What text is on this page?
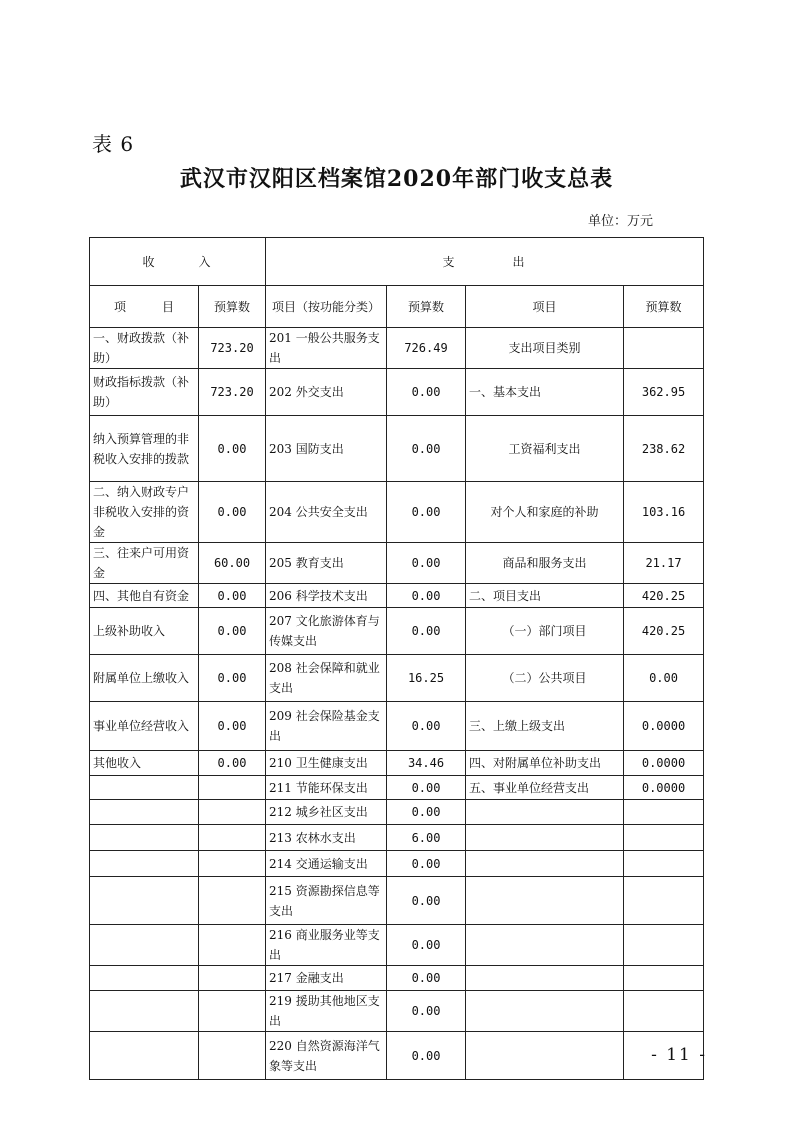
表 6
武汉市汉阳区档案馆2020年部门收支总表
单位：万元
收　　　入		支　　　　出			
项　　　目	预算数	项目（按功能分类）	预算数	项目	预算数
一、财政拨款（补助）	723.20	201 一般公共服务支出	726.49	支出项目类别	
财政指标拨款（补助）	723.20	202 外交支出	0.00	一、基本支出	362.95
纳入预算管理的非税收入安排的拨款	0.00	203 国防支出	0.00	工资福利支出	238.62
二、纳入财政专户非税收入安排的资金	0.00	204 公共安全支出	0.00	对个人和家庭的补助	103.16
三、往来户可用资金	60.00	205 教育支出	0.00	商品和服务支出	21.17
四、其他自有资金	0.00	206 科学技术支出	0.00	二、项目支出	420.25
上级补助收入	0.00	207 文化旅游体育与传媒支出	0.00	（一）部门项目	420.25
附属单位上缴收入	0.00	208 社会保障和就业支出	16.25	（二）公共项目	0.00
事业单位经营收入	0.00	209 社会保险基金支出	0.00	三、上缴上级支出	0.0000
其他收入	0.00	210 卫生健康支出	34.46	四、对附属单位补助支出	0.0000
		211 节能环保支出	0.00	五、事业单位经营支出	0.0000
		212 城乡社区支出	0.00		
		213 农林水支出	6.00		
		214 交通运输支出	0.00		
		215 资源勘探信息等支出	0.00		
		216 商业服务业等支出	0.00		
		217 金融支出	0.00		
		219 援助其他地区支出	0.00		
		220 自然资源海洋气象等支出	0.00			- 11 -
